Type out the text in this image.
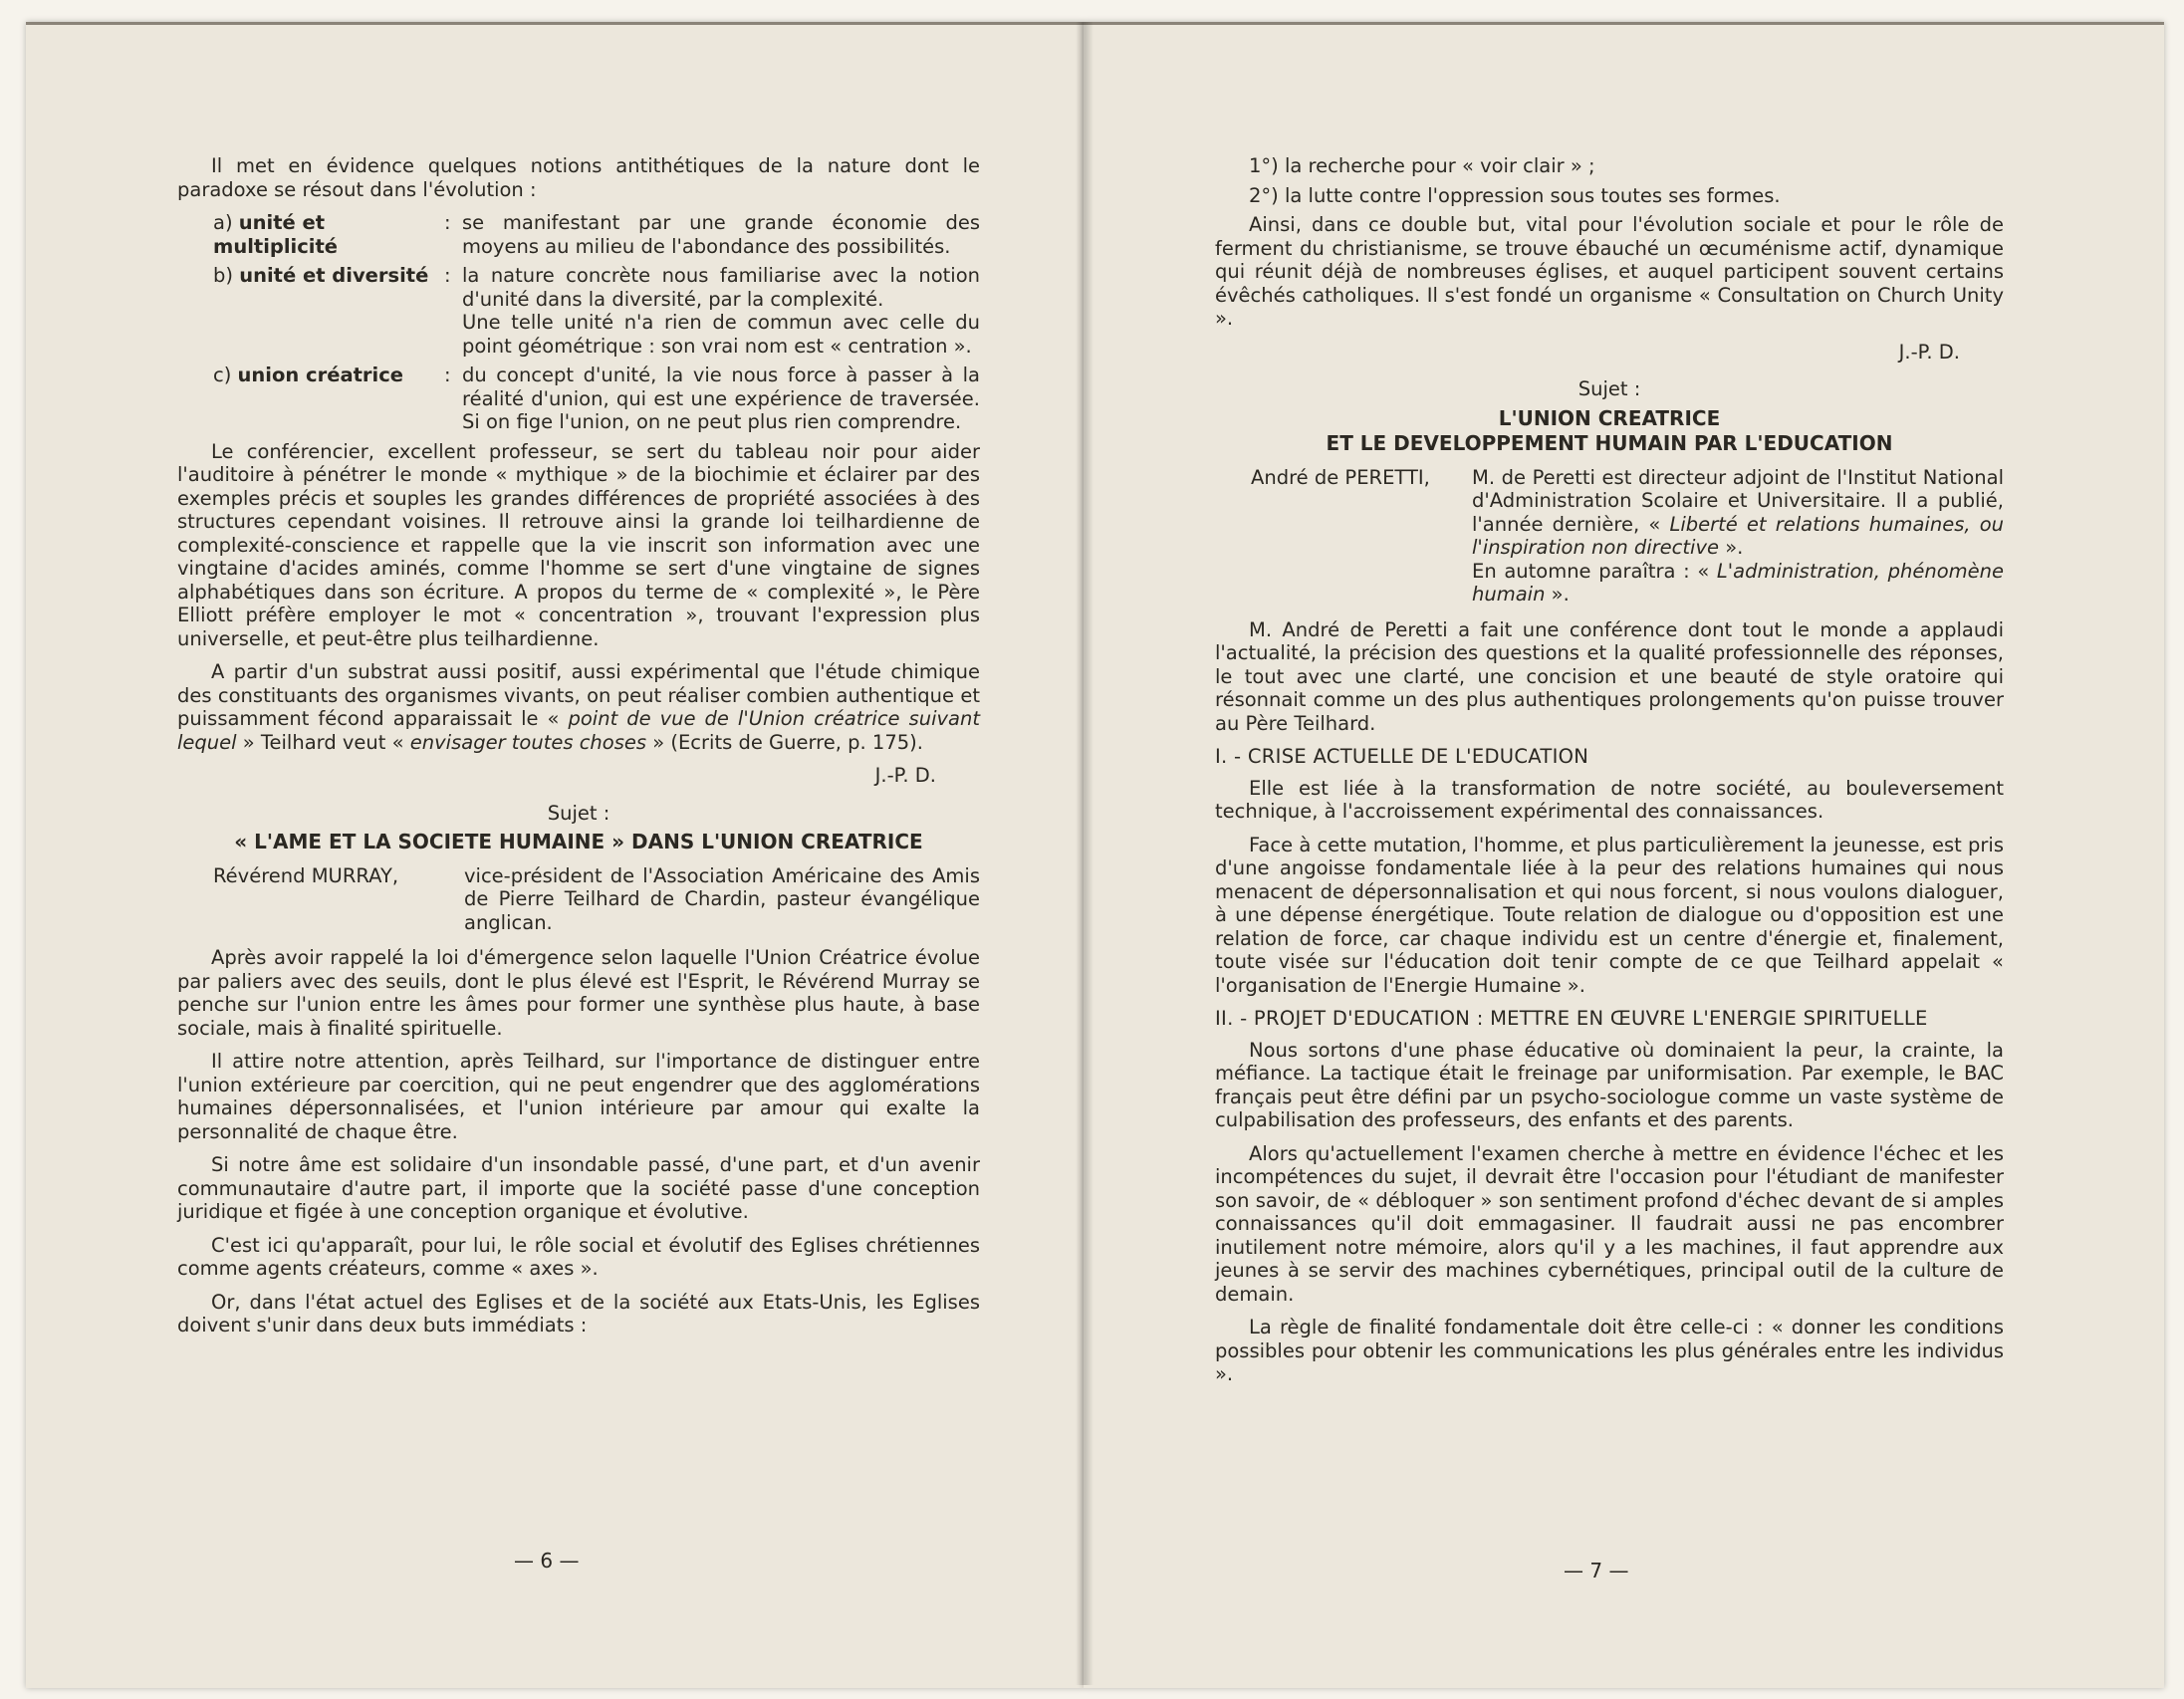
Il met en évidence quelques notions antithétiques de la nature dont le paradoxe se résout dans l'évolution :

a) unité et multiplicité
: se manifestant par une grande économie des moyens au milieu de l'abondance des possibilités.
b) unité et diversité : la nature concrète nous familiarise avec la notion d'unité dans la diversité, par la complexité.
Une telle unité n'a rien de commun avec celle du point géométrique : son vrai nom est « centration ».
c) union créatrice	: du concept d'unité, la vie nous force à passer à la réalité d'union, qui est une expérience de traversée. Si on fige l'union, on ne peut plus rien comprendre.

Le conférencier, excellent professeur, se sert du tableau noir pour aider l'auditoire à pénétrer le monde « mythique » de la biochimie et éclairer par des exemples précis et souples les grandes différences de propriété associées à des structures cependant voisines. Il retrouve ainsi la grande loi teilhardienne de complexité-conscience et rappelle que la vie inscrit son information avec une vingtaine d'acides aminés, comme l'homme se sert d'une vingtaine de signes alphabétiques dans son écriture. A propos du terme de « complexité », le Père Elliott préfère employer le mot « concentration », trouvant l'expression plus universelle, et peut-être plus teilhardienne.

A partir d'un substrat aussi positif, aussi expérimental que l'étude chimique des constituants des organismes vivants, on peut réaliser combien authentique et puissamment fécond apparaissait le « point de vue de l'Union créatrice suivant lequel » Teilhard veut « envisager toutes choses » (Ecrits de Guerre, p. 175).

J.-P. D.
Sujet :
« L'AME ET LA SOCIETE HUMAINE » DANS L'UNION CREATRICE
Révérend MURRAY,	vice-président de l'Association Américaine des Amis de Pierre Teilhard de Chardin, pasteur évangélique anglican.

Après avoir rappelé la loi d'émergence selon laquelle l'Union Créatrice évolue par paliers avec des seuils, dont le plus élevé est l'Esprit, le Révérend Murray se penche sur l'union entre les âmes pour former une synthèse plus haute, à base sociale, mais à finalité spirituelle.

Il attire notre attention, après Teilhard, sur l'importance de distinguer entre l'union extérieure par coercition, qui ne peut engendrer que des agglomérations humaines dépersonnalisées, et l'union intérieure par amour qui exalte la personnalité de chaque être.

Si notre âme est solidaire d'un insondable passé, d'une part, et d'un avenir communautaire d'autre part, il importe que la société passe d'une conception juridique et figée à une conception organique et évolutive.

C'est ici qu'apparaît, pour lui, le rôle social et évolutif des Eglises chrétiennes comme agents créateurs, comme « axes ».

Or, dans l'état actuel des Eglises et de la société aux Etats-Unis, les Eglises doivent s'unir dans deux buts immédiats :

— 6 —

1°) la recherche pour « voir clair » ;

2°) la lutte contre l'oppression sous toutes ses formes.

Ainsi, dans ce double but, vital pour l'évolution sociale et pour le rôle de ferment du christianisme, se trouve ébauché un œcuménisme actif, dynamique qui réunit déjà de nombreuses églises, et auquel participent souvent certains évêchés catholiques. Il s'est fondé un organisme « Consultation on Church Unity ».

J.-P. D.
Sujet :
L'UNION CREATRICE
ET LE DEVELOPPEMENT HUMAIN PAR L'EDUCATION
André de PERETTI,	M. de Peretti est directeur adjoint de l'Institut National d'Administration Scolaire et Universitaire. Il a publié, l'année dernière, « Liberté et relations humaines, ou l'inspiration non directive ».
En automne paraîtra : « L'administration, phénomène humain ».

M. André de Peretti a fait une conférence dont tout le monde a applaudi l'actualité, la précision des questions et la qualité professionnelle des réponses, le tout avec une clarté, une concision et une beauté de style oratoire qui résonnait comme un des plus authentiques prolongements qu'on puisse trouver au Père Teilhard.

I. - CRISE ACTUELLE DE L'EDUCATION

Elle est liée à la transformation de notre société, au bouleversement technique, à l'accroissement expérimental des connaissances.

Face à cette mutation, l'homme, et plus particulièrement la jeunesse, est pris d'une angoisse fondamentale liée à la peur des relations humaines qui nous menacent de dépersonnalisation et qui nous forcent, si nous voulons dialoguer, à une dépense énergétique. Toute relation de dialogue ou d'opposition est une relation de force, car chaque individu est un centre d'énergie et, finalement, toute visée sur l'éducation doit tenir compte de ce que Teilhard appelait « l'organisation de l'Energie Humaine ».

II. - PROJET D'EDUCATION : METTRE EN ŒUVRE L'ENERGIE SPIRITUELLE

Nous sortons d'une phase éducative où dominaient la peur, la crainte, la méfiance. La tactique était le freinage par uniformisation. Par exemple, le BAC français peut être défini par un psycho-sociologue comme un vaste système de culpabilisation des professeurs, des enfants et des parents.

Alors qu'actuellement l'examen cherche à mettre en évidence l'échec et les incompétences du sujet, il devrait être l'occasion pour l'étudiant de manifester son savoir, de « débloquer » son sentiment profond d'échec devant de si amples connaissances qu'il doit emmagasiner. Il faudrait aussi ne pas encombrer inutilement notre mémoire, alors qu'il y a les machines, il faut apprendre aux jeunes à se servir des machines cybernétiques, principal outil de la culture de demain.

La règle de finalité fondamentale doit être celle-ci : « donner les conditions possibles pour obtenir les communications les plus générales entre les individus ».

— 7 —
